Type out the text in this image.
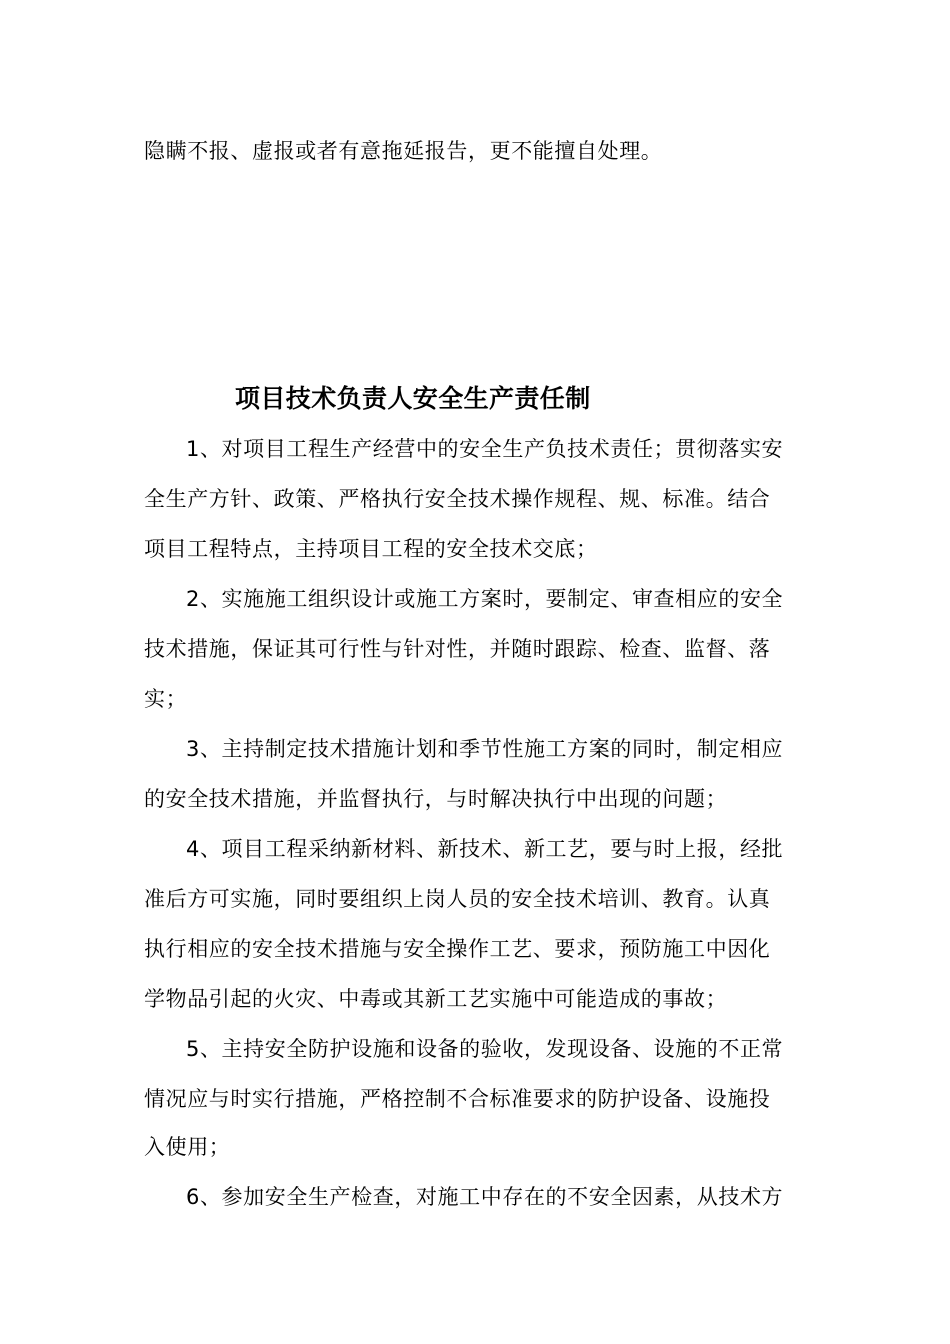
隐瞒不报、虚报或者有意拖延报告，更不能擅自处理。
项目技术负责人安全生产责任制
1、对项目工程生产经营中的安全生产负技术责任；贯彻落实安
全生产方针、政策、严格执行安全技术操作规程、规、标准。结合
项目工程特点，主持项目工程的安全技术交底；
2、实施施工组织设计或施工方案时，要制定、审查相应的安全
技术措施，保证其可行性与针对性，并随时跟踪、检查、监督、落
实；
3、主持制定技术措施计划和季节性施工方案的同时，制定相应
的安全技术措施，并监督执行，与时解决执行中出现的问题；
4、项目工程采纳新材料、新技术、新工艺，要与时上报，经批
准后方可实施，同时要组织上岗人员的安全技术培训、教育。认真
执行相应的安全技术措施与安全操作工艺、要求，预防施工中因化
学物品引起的火灾、中毒或其新工艺实施中可能造成的事故；
5、主持安全防护设施和设备的验收，发现设备、设施的不正常
情况应与时实行措施，严格控制不合标准要求的防护设备、设施投
入使用；
6、参加安全生产检查，对施工中存在的不安全因素，从技术方
